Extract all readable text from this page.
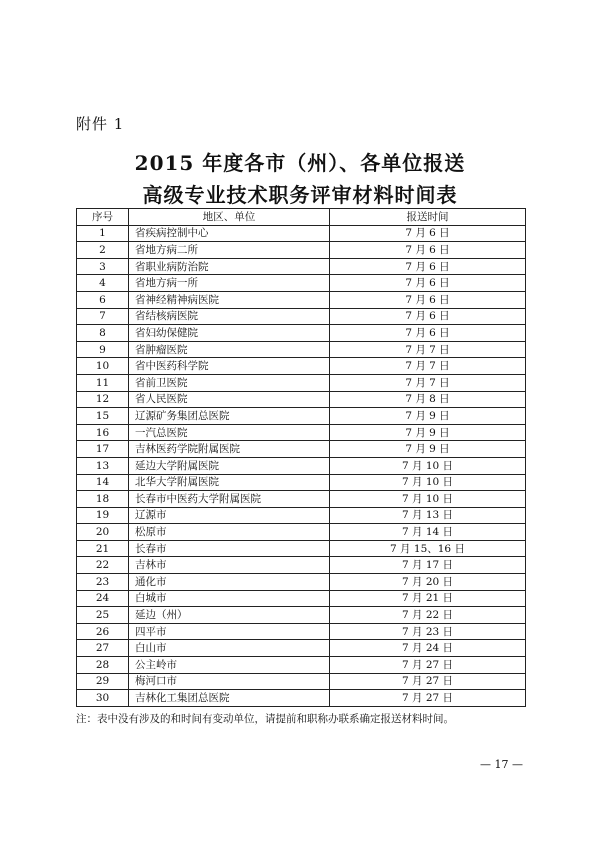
附件 1
2015 年度各市（州）、各单位报送
高级专业技术职务评审材料时间表
序号	地区、单位	报送时间
1	省疾病控制中心	7 月 6 日
2	省地方病二所	7 月 6 日
3	省职业病防治院	7 月 6 日
4	省地方病一所	7 月 6 日
6	省神经精神病医院	7 月 6 日
7	省结核病医院	7 月 6 日
8	省妇幼保健院	7 月 6 日
9	省肿瘤医院	7 月 7 日
10	省中医药科学院	7 月 7 日
11	省前卫医院	7 月 7 日
12	省人民医院	7 月 8 日
15	辽源矿务集团总医院	7 月 9 日
16	一汽总医院	7 月 9 日
17	吉林医药学院附属医院	7 月 9 日
13	延边大学附属医院	7 月 10 日
14	北华大学附属医院	7 月 10 日
18	长春市中医药大学附属医院	7 月 10 日
19	辽源市	7 月 13 日
20	松原市	7 月 14 日
21	长春市	7 月 15、16 日
22	吉林市	7 月 17 日
23	通化市	7 月 20 日
24	白城市	7 月 21 日
25	延边（州）	7 月 22 日
26	四平市	7 月 23 日
27	白山市	7 月 24 日
28	公主岭市	7 月 27 日
29	梅河口市	7 月 27 日
30	吉林化工集团总医院	7 月 27 日
注：表中没有涉及的和时间有变动单位，请提前和职称办联系确定报送材料时间。
— 17 —
